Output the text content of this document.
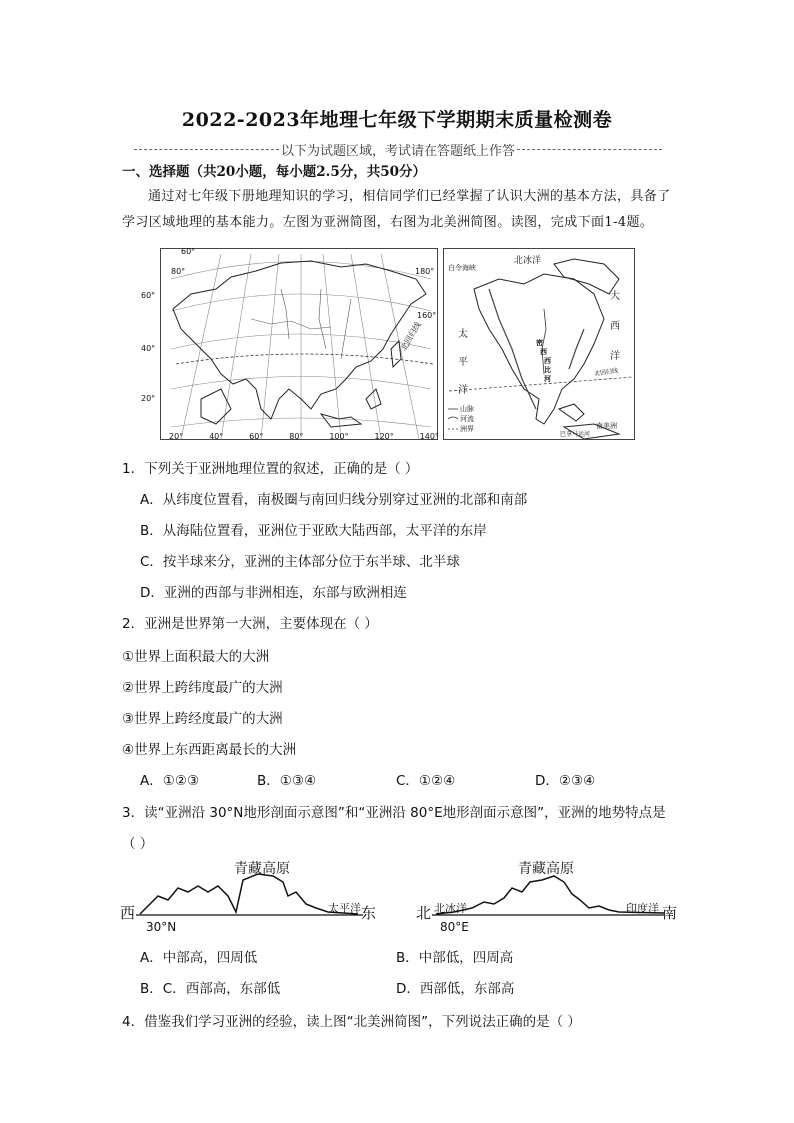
2022-2023年地理七年级下学期期末质量检测卷
以下为试题区域，考试请在答题纸上作答
一、选择题（共20小题，每小题2.5分，共50分）
通过对七年级下册地理知识的学习，相信同学们已经掌握了认识大洲的基本方法，具备了学习区域地理的基本能力。左图为亚洲简图，右图为北美洲简图。读图，完成下面1-4题。
60°
40°
20°
60°
80°	180°
160°
北回归线
20°	40°	60°	80°	100°	120°	140°
北冰洋
白令海峡
大
西
洋
太
平
洋
密
西
西
比
河
北回归线
巴拿马运河
南美洲
山脉
河流
洲界
1．下列关于亚洲地理位置的叙述，正确的是（ ）
A．从纬度位置看，南极圈与南回归线分别穿过亚洲的北部和南部
B．从海陆位置看，亚洲位于亚欧大陆西部，太平洋的东岸
C．按半球来分，亚洲的主体部分位于东半球、北半球
D．亚洲的西部与非洲相连，东部与欧洲相连
2．亚洲是世界第一大洲，主要体现在（ ）
①世界上面积最大的大洲
②世界上跨纬度最广的大洲
③世界上跨经度最广的大洲
④世界上东西距离最长的大洲
A．①②③	B．①③④	C．①②④	D．②③④
3．读“亚洲沿 30°N地形剖面示意图”和“亚洲沿 80°E地形剖面示意图”，亚洲的地势特点是
（ ）
青藏高原
西	东
太平洋
30°N
青藏高原
北	南
北冰洋	印度洋
80°E
A．中部高，四周低	B．中部低，四周高
B．C．西部高，东部低	D．西部低，东部高
4．借鉴我们学习亚洲的经验，读上图“北美洲简图”，下列说法正确的是（ ）
